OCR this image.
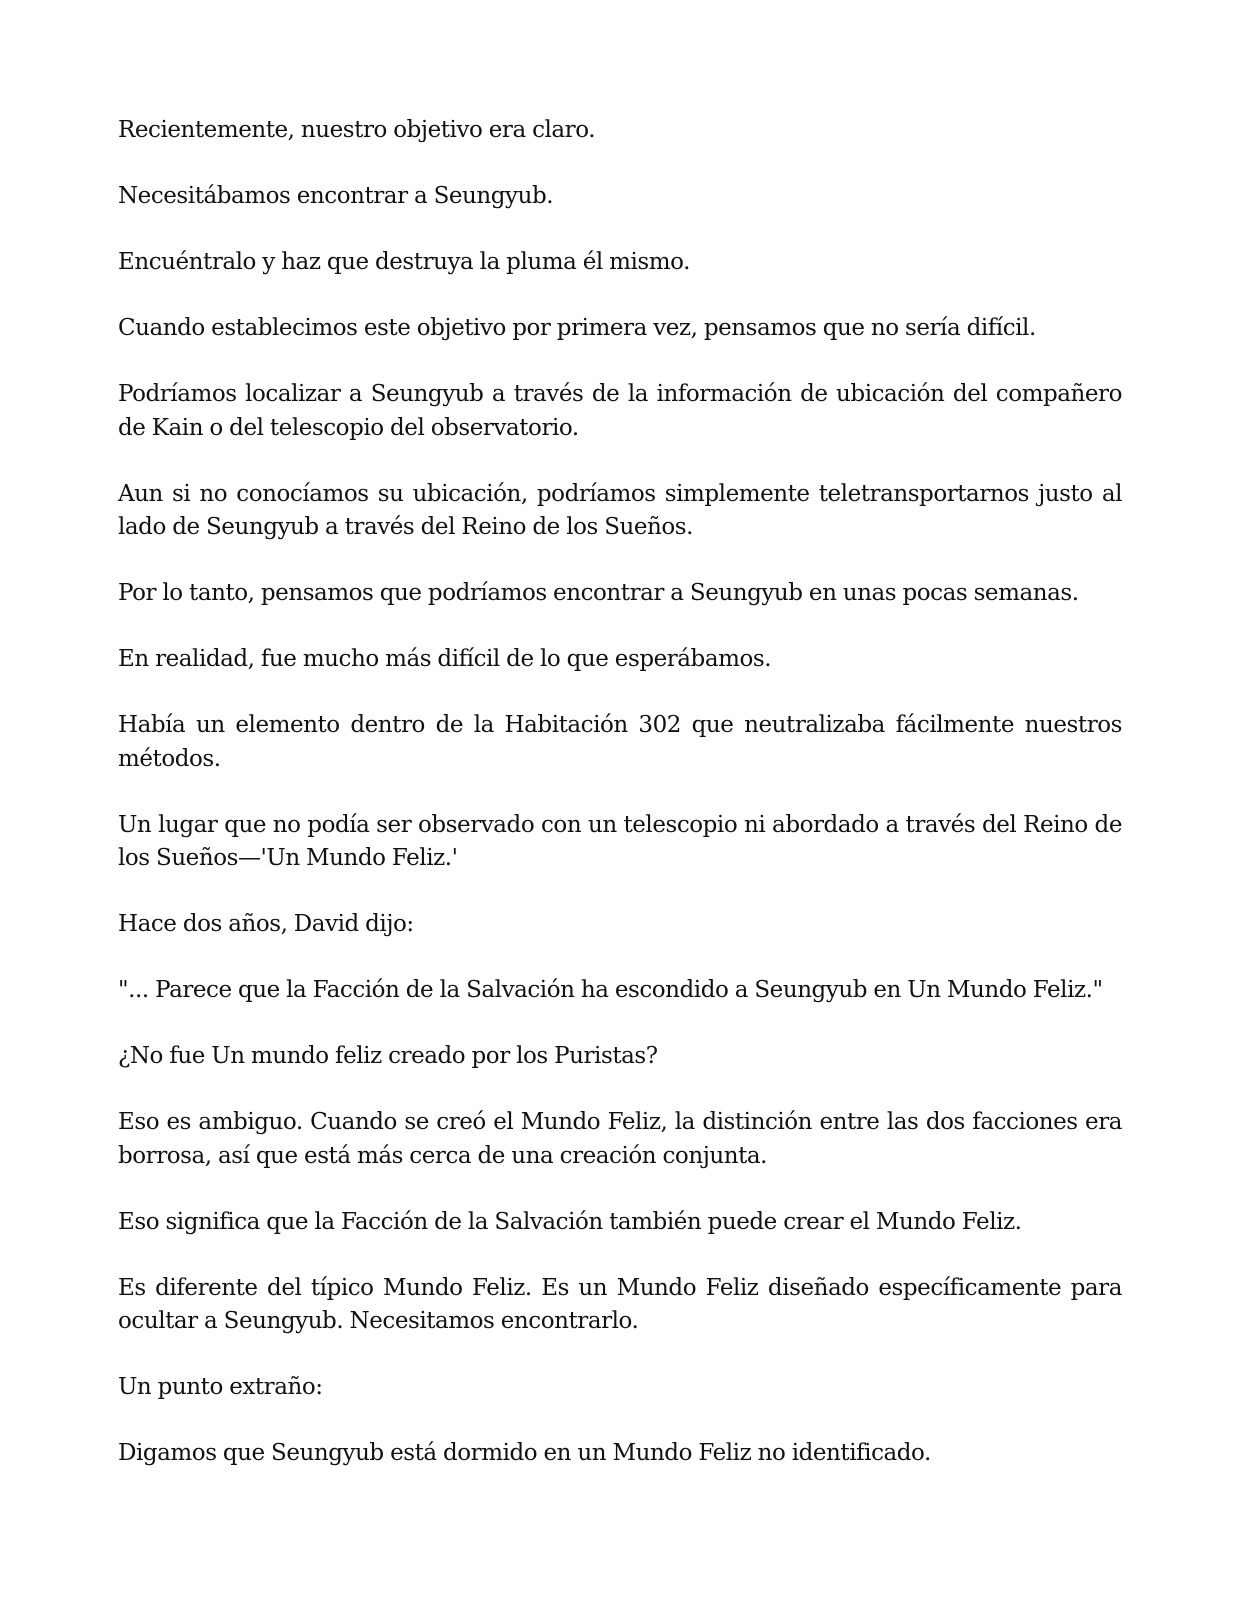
Recientemente, nuestro objetivo era claro.

Necesitábamos encontrar a Seungyub.

Encuéntralo y haz que destruya la pluma él mismo.

Cuando establecimos este objetivo por primera vez, pensamos que no sería difícil.

Podríamos localizar a Seungyub a través de la información de ubicación del compañero de Kain o del telescopio del observatorio.

Aun si no conocíamos su ubicación, podríamos simplemente teletransportarnos justo al lado de Seungyub a través del Reino de los Sueños.

Por lo tanto, pensamos que podríamos encontrar a Seungyub en unas pocas semanas.

En realidad, fue mucho más difícil de lo que esperábamos.

Había un elemento dentro de la Habitación 302 que neutralizaba fácilmente nuestros métodos.

Un lugar que no podía ser observado con un telescopio ni abordado a través del Reino de los Sueños—'Un Mundo Feliz.'

Hace dos años, David dijo:

"... Parece que la Facción de la Salvación ha escondido a Seungyub en Un Mundo Feliz."

¿No fue Un mundo feliz creado por los Puristas?

Eso es ambiguo. Cuando se creó el Mundo Feliz, la distinción entre las dos facciones era borrosa, así que está más cerca de una creación conjunta.

Eso significa que la Facción de la Salvación también puede crear el Mundo Feliz.

Es diferente del típico Mundo Feliz. Es un Mundo Feliz diseñado específicamente para ocultar a Seungyub. Necesitamos encontrarlo.

Un punto extraño:

Digamos que Seungyub está dormido en un Mundo Feliz no identificado.
